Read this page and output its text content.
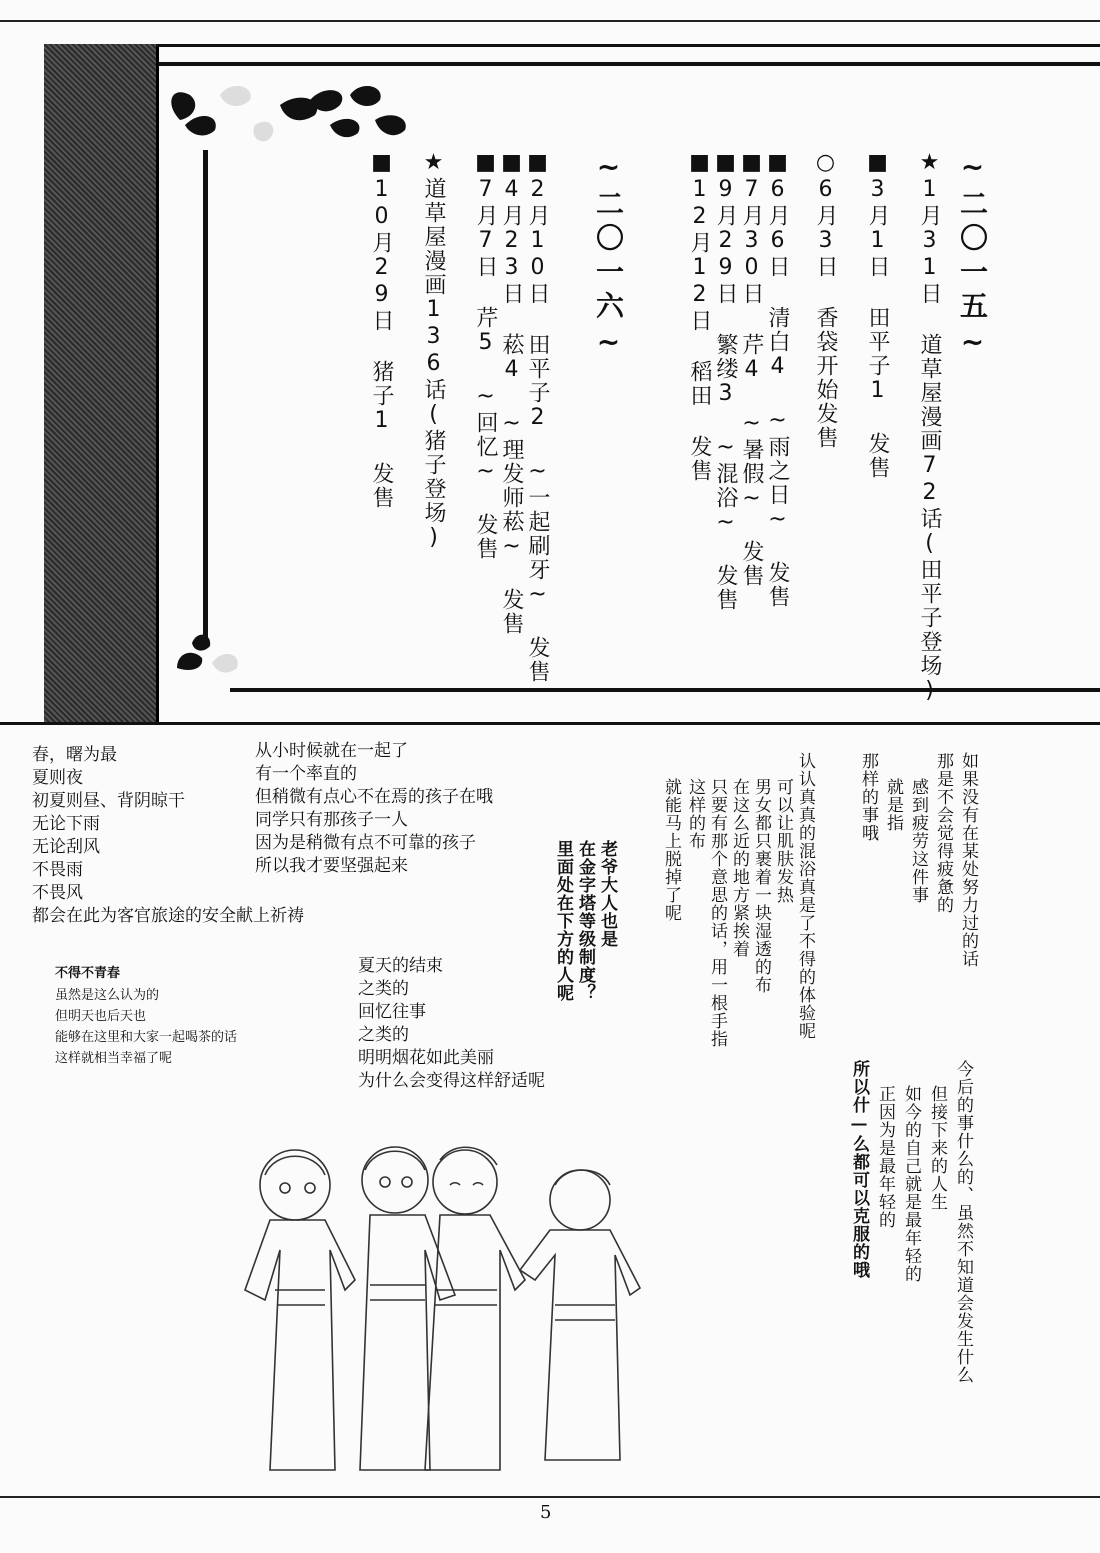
~二〇一五~
★1月31日 道草屋漫画72话(田平子登场)
■3月1日 田平子1 发售
○6月3日 香袋开始发售
■6月6日 清白4 ~雨之日~ 发售
■7月30日 芹4 ~暑假~ 发售
■9月29日 繁缕3 ~混浴~ 发售
■12月12日 稻田 发售
~二〇一六~
■2月10日 田平子2 ~一起刷牙~ 发售
■4月23日 菘4 ~理发师菘~ 发售
■7月7日 芹5 ~回忆~ 发售
★道草屋漫画136话(猪子登场)
■10月29日 猪子1 发售
春，曙为最
夏则夜
初夏则昼、背阴晾干
无论下雨
无论刮风
不畏雨
不畏风
都会在此为客官旅途的安全献上祈祷
从小时候就在一起了
有一个率直的
但稍微有点心不在焉的孩子在哦
同学只有那孩子一人
因为是稍微有点不可靠的孩子
所以我才要坚强起来
不得不青春
虽然是这么认为的
但明天也后天也
能够在这里和大家一起喝茶的话
这样就相当幸福了呢
夏天的结束
之类的
回忆往事
之类的
明明烟花如此美丽
为什么会变得这样舒适呢
老爷大人也是
在金字塔等级制度？
里面处在下方的人呢	认认真真的混浴真是了不得的体验呢
可以让肌肤发热
男女都只裹着一块湿透的布
在这么近的地方紧挨着
只要有那个意思的话，用一根手指
这样的布
就能马上脱掉了呢	如果没有在某处努力过的话
那是不会觉得疲惫的
感到疲劳这件事
就是指
那样的事哦
今后的事什么的、虽然不知道会发生什么
但接下来的人生
如今的自己就是最年轻的
正因为是最年轻的
所以什—么都可以克服的哦
5
